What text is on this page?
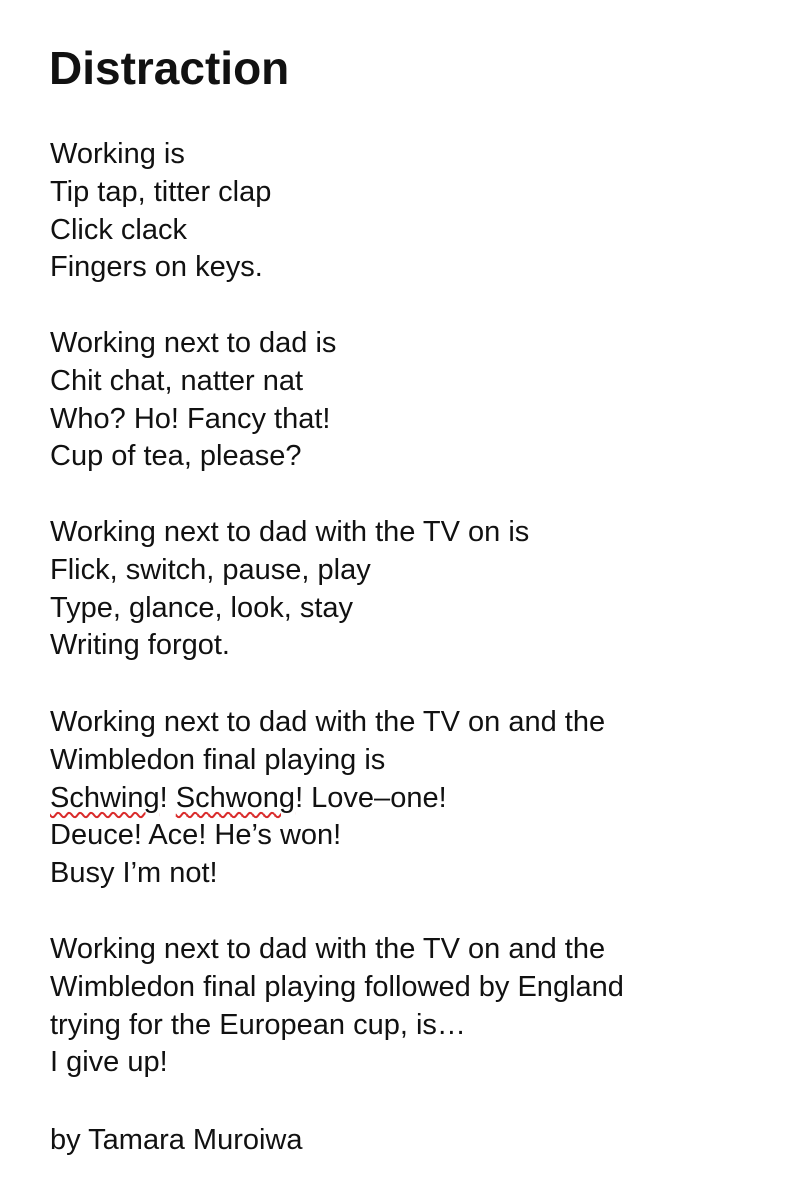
Distraction
Working is
Tip tap, titter clap
Click clack
Fingers on keys.
Working next to dad is
Chit chat, natter nat
Who? Ho! Fancy that!
Cup of tea, please?
Working next to dad with the TV on is
Flick, switch, pause, play
Type, glance, look, stay
Writing forgot.
Working next to dad with the TV on and the
Wimbledon final playing is
Schwing! Schwong! Love–one!
Deuce! Ace! He’s won!
Busy I’m not!
Working next to dad with the TV on and the
Wimbledon final playing followed by England
trying for the European cup, is…
I give up!
by Tamara Muroiwa
